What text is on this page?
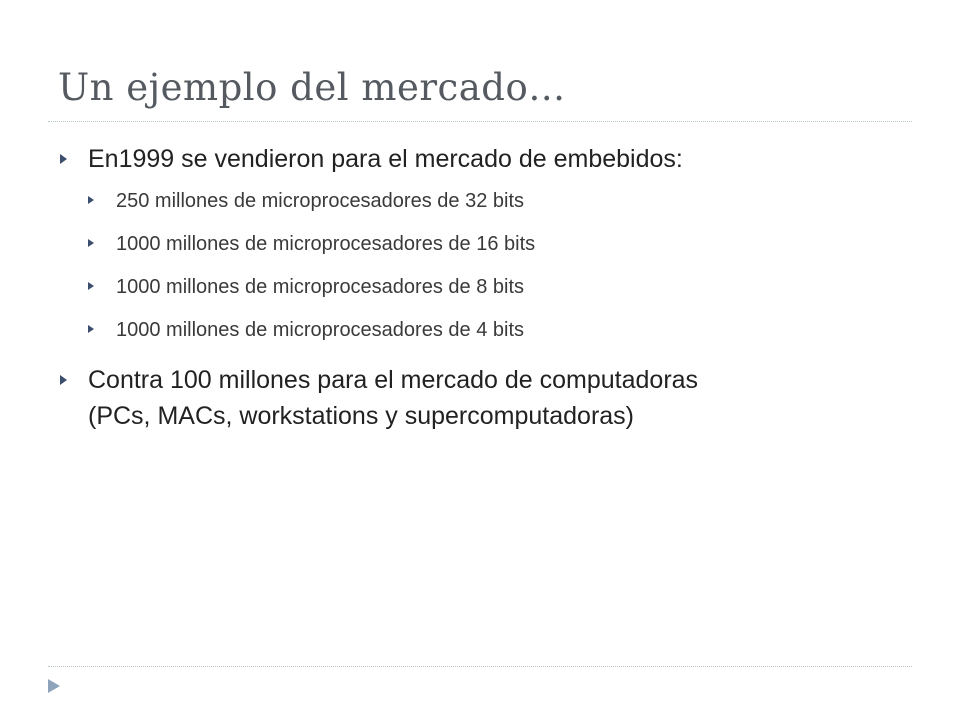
Un ejemplo del mercado…
En1999 se vendieron para el mercado de embebidos:
250 millones de microprocesadores de 32 bits
1000 millones de microprocesadores de 16 bits
1000 millones de microprocesadores de 8 bits
1000 millones de microprocesadores de 4 bits
Contra 100 millones para el mercado de computadoras
(PCs, MACs, workstations y supercomputadoras)
